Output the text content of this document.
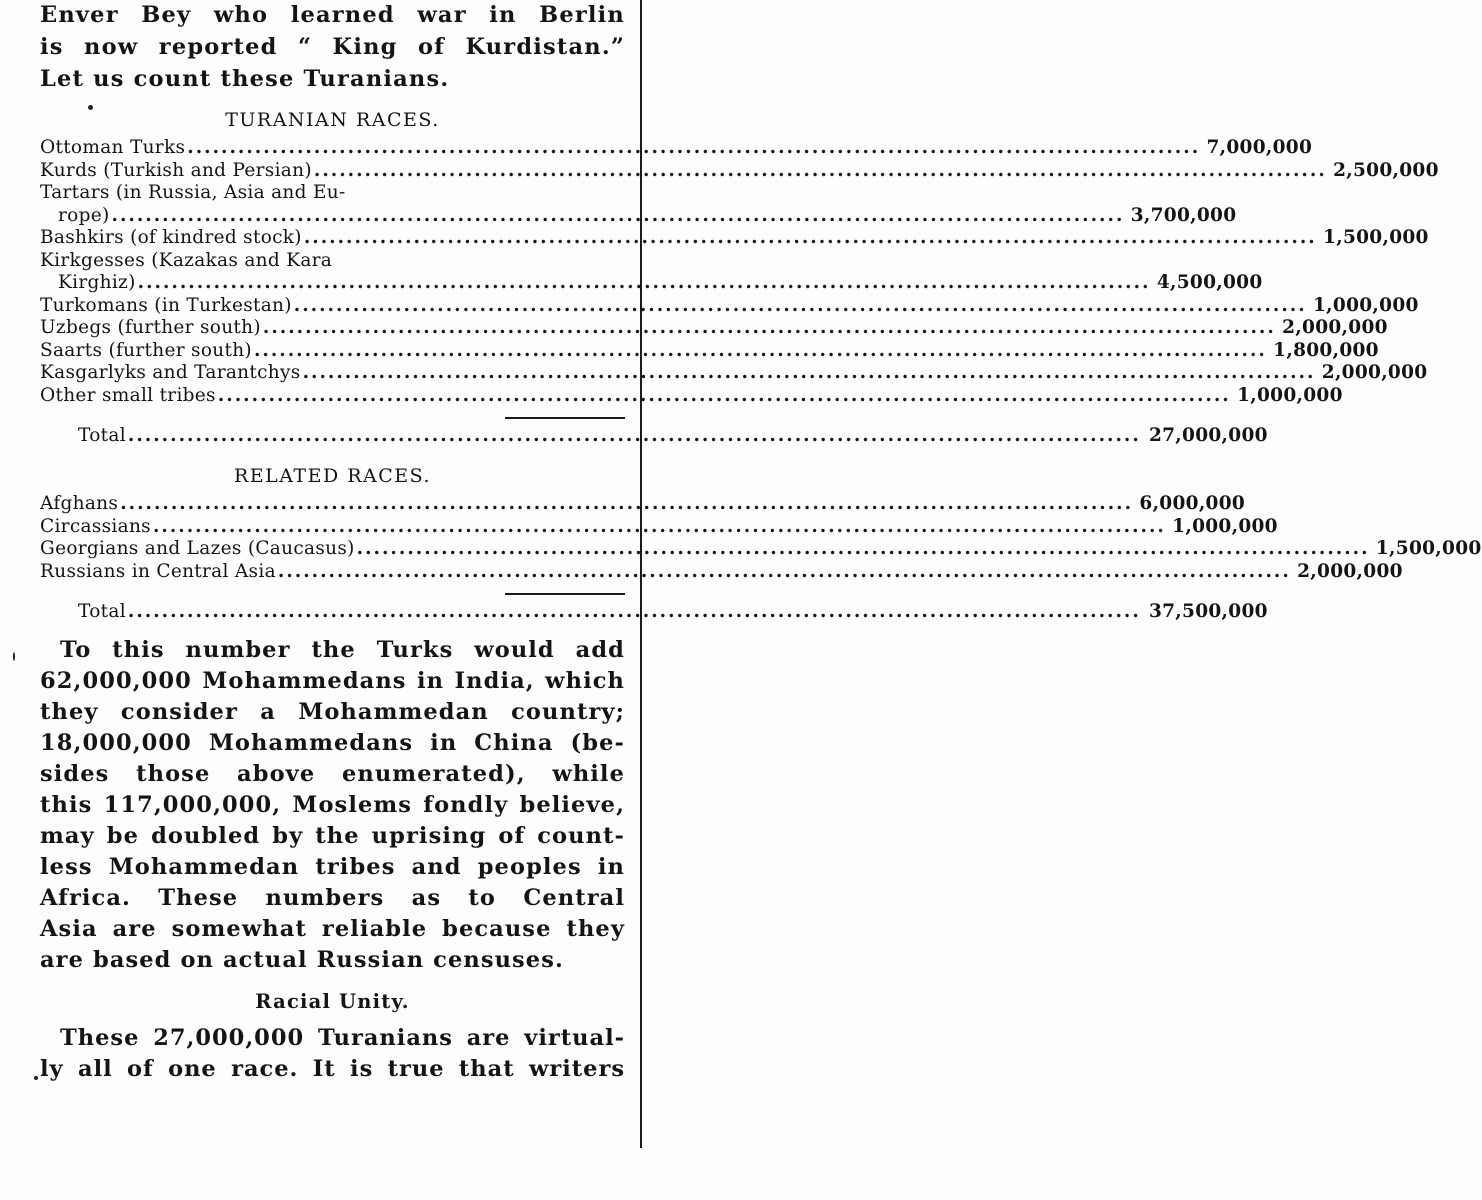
Enver Bey who learned war in Berlin
is now reported “ King of Kurdistan.”
Let us count these Turanians.
TURANIAN RACES.
Ottoman Turks ........................................................................................................................ 7,000,000
Kurds (Turkish and Persian) ........................................................................................................................ 2,500,000
Tartars (in Russia, Asia and Eu-
rope) ........................................................................................................................ 3,700,000
Bashkirs (of kindred stock) ........................................................................................................................ 1,500,000
Kirkgesses (Kazakas and Kara
Kirghiz) ........................................................................................................................ 4,500,000
Turkomans (in Turkestan) ........................................................................................................................ 1,000,000
Uzbegs (further south) ........................................................................................................................ 2,000,000
Saarts (further south) ........................................................................................................................ 1,800,000
Kasgarlyks and Tarantchys ........................................................................................................................ 2,000,000
Other small tribes ........................................................................................................................ 1,000,000
Total ........................................................................................................................ 27,000,000
RELATED RACES.
Afghans ........................................................................................................................ 6,000,000
Circassians ........................................................................................................................ 1,000,000
Georgians and Lazes (Caucasus) ........................................................................................................................ 1,500,000
Russians in Central Asia ........................................................................................................................ 2,000,000
Total ........................................................................................................................ 37,500,000
To this number the Turks would add
62,000,000 Mohammedans in India, which
they consider a Mohammedan country;
18,000,000 Mohammedans in China (be-
sides those above enumerated), while
this 117,000,000, Moslems fondly believe,
may be doubled by the uprising of count-
less Mohammedan tribes and peoples in
Africa. These numbers as to Central
Asia are somewhat reliable because they
are based on actual Russian censuses.
Racial Unity.
These 27,000,000 Turanians are virtual-
ly all of one race. It is true that writers
